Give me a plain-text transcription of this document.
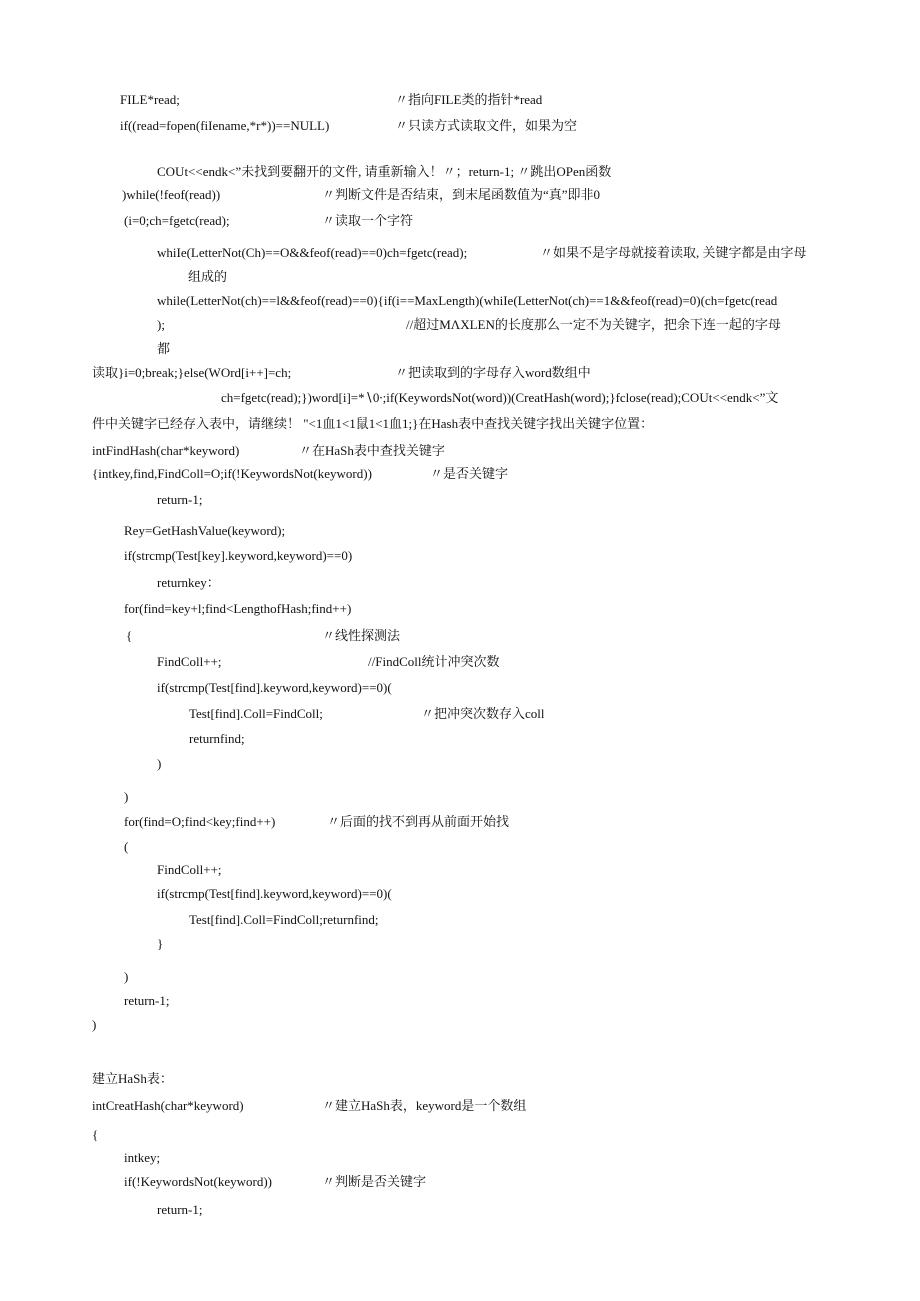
FILE*read;	〃指向FILE类的指针*read
if((read=fopen(fiIename,*r*))==NULL)	〃只读方式读取文件，如果为空
COUt<<endk<”未找到要翻开的文件, 请重新输入！〃；return-1; 〃跳出OPen函数
)while(!feof(read))	〃判断文件是否结束，到末尾函数值为“真”即非0
(i=0;ch=fgetc(read);	〃读取一个字符
whiIe(LetterNot(Ch)==O&&feof(read)==0)ch=fgetc(read);	〃如果不是字母就接着读取, 关键字都是由字母
组成的
while(LetterNot(ch)==l&&feof(read)==0){if(i==MaxLength)(whiIe(LetterNot(ch)==1&&feof(read)=0)(ch=fgetc(read
);	//超过MΛXLEN的长度那么一定不为关键字，把余下连一起的字母
都
读取}i=0;break;}else(WOrd[i++]=ch;	〃把读取到的字母存入word数组中
ch=fgetc(read);})word[i]=*∖0∙;if(KeywordsNot(word))(CreatHash(word);}fclose(read);COUt<<endk<”文
件中关键字已经存入表中，请继续！ "<1血1<1鼠1<1血1;}在Hash表中查找关键字找出关键字位置：
intFindHash(char*keyword)	〃在HaSh表中查找关键字
{intkey,find,FindColl=O;if(!KeywordsNot(keyword))	〃是否关键字
return-1;
Rey=GetHashValue(keyword);
if(strcmp(Test[key].keyword,keyword)==0)
returnkey：
for(find=key+l;find<LengthofHash;find++)
{	〃线性探测法
FindColl++;	//FindColl统计冲突次数
if(strcmp(Test[find].keyword,keyword)==0)(
Test[find].Coll=FindColl;	〃把冲突次数存入coll
returnfind;
)
)
for(find=O;find<key;find++)	〃后面的找不到再从前面开始找
(
FindColl++;
if(strcmp(Test[find].keyword,keyword)==0)(
Test[find].Coll=FindColl;returnfind;
}
)
return-1;
)
建立HaSh表：
intCreatHash(char*keyword)	〃建立HaSh表，keyword是一个数组
{
intkey;
if(!KeywordsNot(keyword))	〃判断是否关键字
return-1;
